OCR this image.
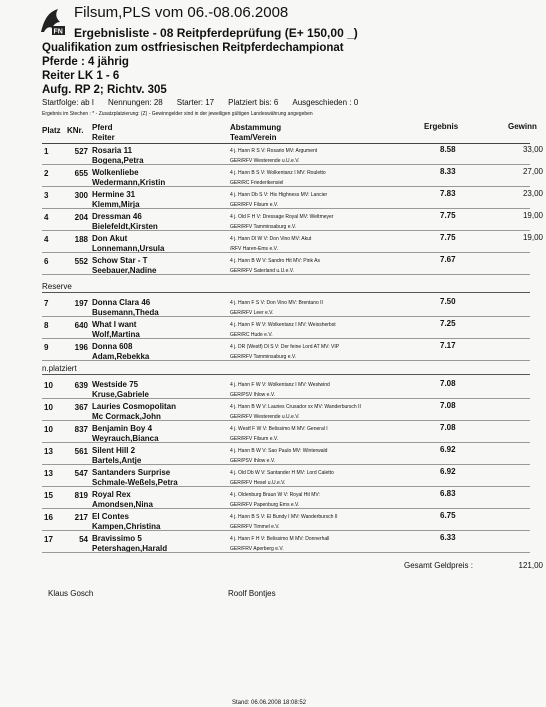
FN
Filsum,PLS vom 06.-08.06.2008
Ergebnisliste - 08 Reitpferdeprüfung (E+ 150,00 _)
Qualifikation zum ostfriesischen Reitpferdechampionat
Pferde : 4 jährig
Reiter LK 1 - 6
Aufg. RP 2; Richtv. 305
Startfolge: ab I Nennungen: 28 Starter: 17 Platziert bis: 6 Ausgeschieden : 0
Ergebnis im Stechen : * - Zusatzplatzierung: (Z) - Gewinngelder sind in der jeweiligen gültigen Landeswährung angegeben
Platz KNr. Pferd
Reiter
Abstammung
Team/Verein
Ergebnis	Gewinn
1	527 Rosaria 11
Bogena,Petra
4 j. Hann R S V: Rosario MV: Argument
GER/RFV Westerende u.U.e.V.
8.58	33,00
2	655 Wolkenliebe
Wedermann,Kristin
4 j. Hann B S V: Wolkentanz I MV: Rouletto
GER/RC Friederikensiel
8.33	27,00
3	300 Hermine 31
Klemm,Mirja
4 j. Hann Db S V: His Highness MV: Lancier
GER/RFV Filsum e.V.
7.83	23,00
4	204 Dressman 46
Bielefeldt,Kirsten
4 j. Old F H V: Dressage Royal MV: Weltmeyer
GER/RFV Tamminsaburg e.V.
7.75	19,00
4	188 Don Akut
Lonnemann,Ursula
4 j. Hann Dl W V: Don Vino MV: Akut
/RFV Haren-Ems e.V.
7.75	19,00
6	552 Schow Star - T
Seebauer,Nadine
4 j. Hann B W V: Sandro Hit MV: Pink As
GER/RFV Saterland u.U.e.V.
7.67
Reserve
7	197 Donna Clara 46
Busemann,Theda
4 j. Hann F S V: Don Vino MV: Brentano II
GER/RFV Leer e.V.
7.50
8	640 What I want
Wolf,Martina
4 j. Hann F W V: Wolkentanz I MV: Weissherbst
GER/RC Hude e.V.
7.25
9	196 Donna 608
Adam,Rebekka
4 j. DR (Westf) Dl S V: Der feine Lord AT MV: VIP
GER/RFV Tamminsaburg e.V.
7.17
n.platziert
10	639 Westside 75
Kruse,Gabriele
4 j. Hann F W V: Wolkentanz I MV: Westwind
GER/PSV Ihlow e.V.
7.08
10	367 Lauries Cosmopolitan
Mc Cormack,John
4 j. Hann B W V: Lauries Crusador xx MV: Wanderbursch II
GER/RFV Westerende u.U.e.V.
7.08
10	837 Benjamin Boy 4
Weyrauch,Bianca
4 j. Westf F W V: Belissimo M MV: General I
GER/RFV Filsum e.V.
7.08
13	561 Silent Hill 2
Bartels,Antje
4 j. Hann B W V: Sao Paulo MV: Winterwald
GER/PSV Ihlow e.V.
6.92
13	547 Santanders Surprise
Schmale-Weßels,Petra
4 j. Old Db W V: Santander H MV: Lord Caletto
GER/RFV Hesel u.U.e.V.
6.92
15	819 Royal Rex
Amondsen,Nina
4 j. Oldenburg Braun W V: Royal Hit MV:
GER/RFV Papenburg Ems e.V.
6.83
16	217 El Contes
Kampen,Christina
4 j. Hann B S V: El Bundy I MV: Wanderbursch II
GER/RFV Timmel e.V.
6.75
17	54 Bravissimo 5
Petershagen,Harald
4 j. Hann F H V: Belissimo M MV: Donnerhall
GER/FRV Aperberg e.V.
6.33
Gesamt Geldpreis :	121,00
Klaus Gosch	Roolf Bontjes
Stand: 06.06.2008 18:08:52
